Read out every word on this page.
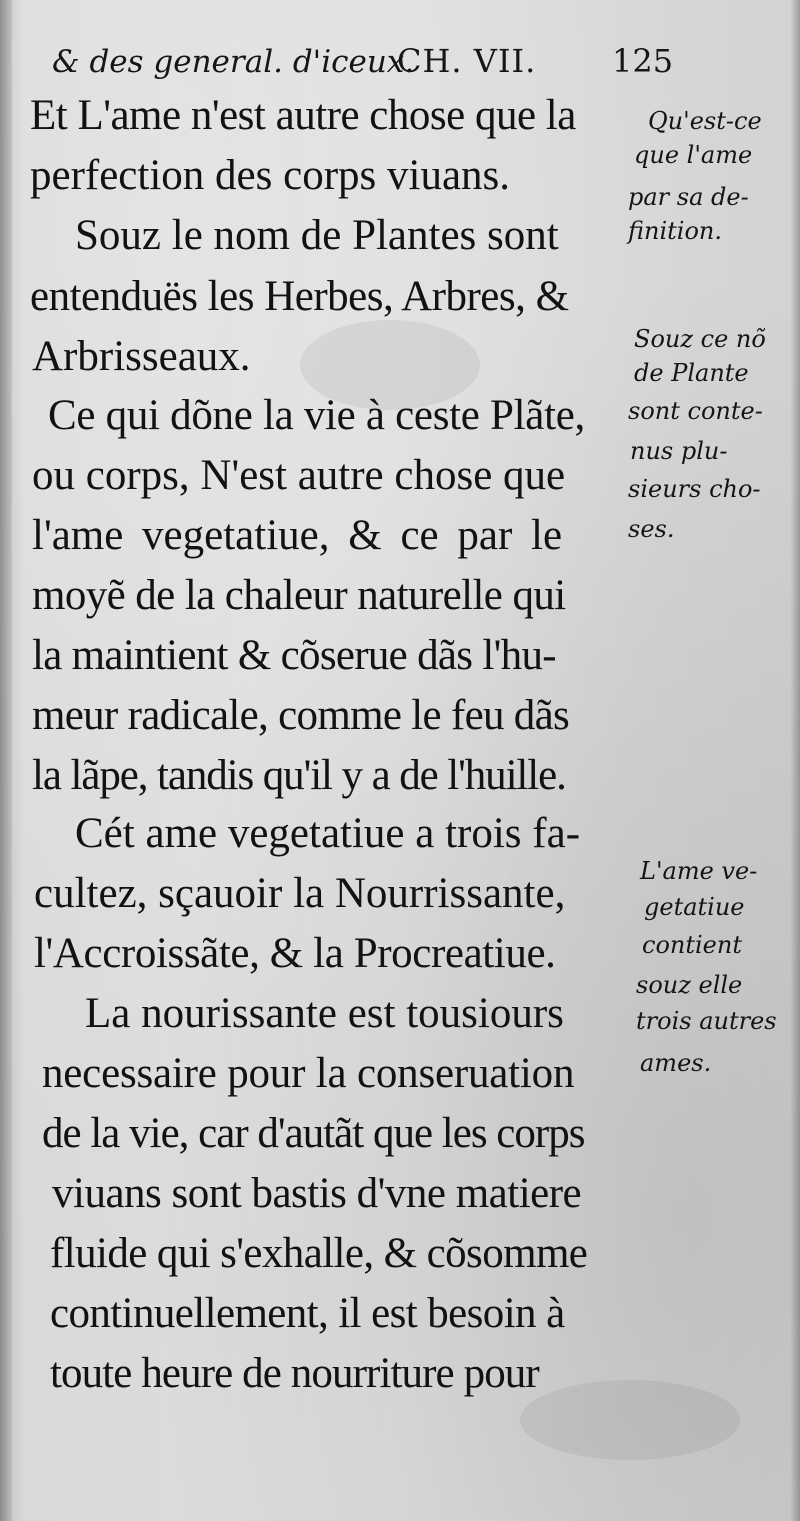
& des general. d'iceux.
CH. VII. 125
Et L'ame n'est autre chose que la
perfection des corps viuans.
Souz le nom de Plantes sont
entenduës les Herbes, Arbres, &
Arbrisseaux.
Ce qui dõne la vie à ceste Plãte,
ou corps, N'est autre chose que
l'ame vegetatiue, & ce par le
moyẽ de la chaleur naturelle qui
la maintient & cõserue dãs l'hu-
meur radicale, comme le feu dãs
la lãpe, tandis qu'il y a de l'huille.
Cét ame vegetatiue a trois fa-
cultez, sçauoir la Nourrissante,
l'Accroissãte, & la Procreatiue.
La nourissante est tousiours
necessaire pour la conseruation
de la vie, car d'autãt que les corps
viuans sont bastis d'vne matiere
fluide qui s'exhalle, & cõsomme
continuellement, il est besoin à
toute heure de nourriture pour
Qu'est-ce
que l'ame
par sa de-
finition.
Souz ce nõ
de Plante
sont conte-
nus plu-
sieurs cho-
ses.
L'ame ve-
getatiue
contient
souz elle
trois autres
ames.
